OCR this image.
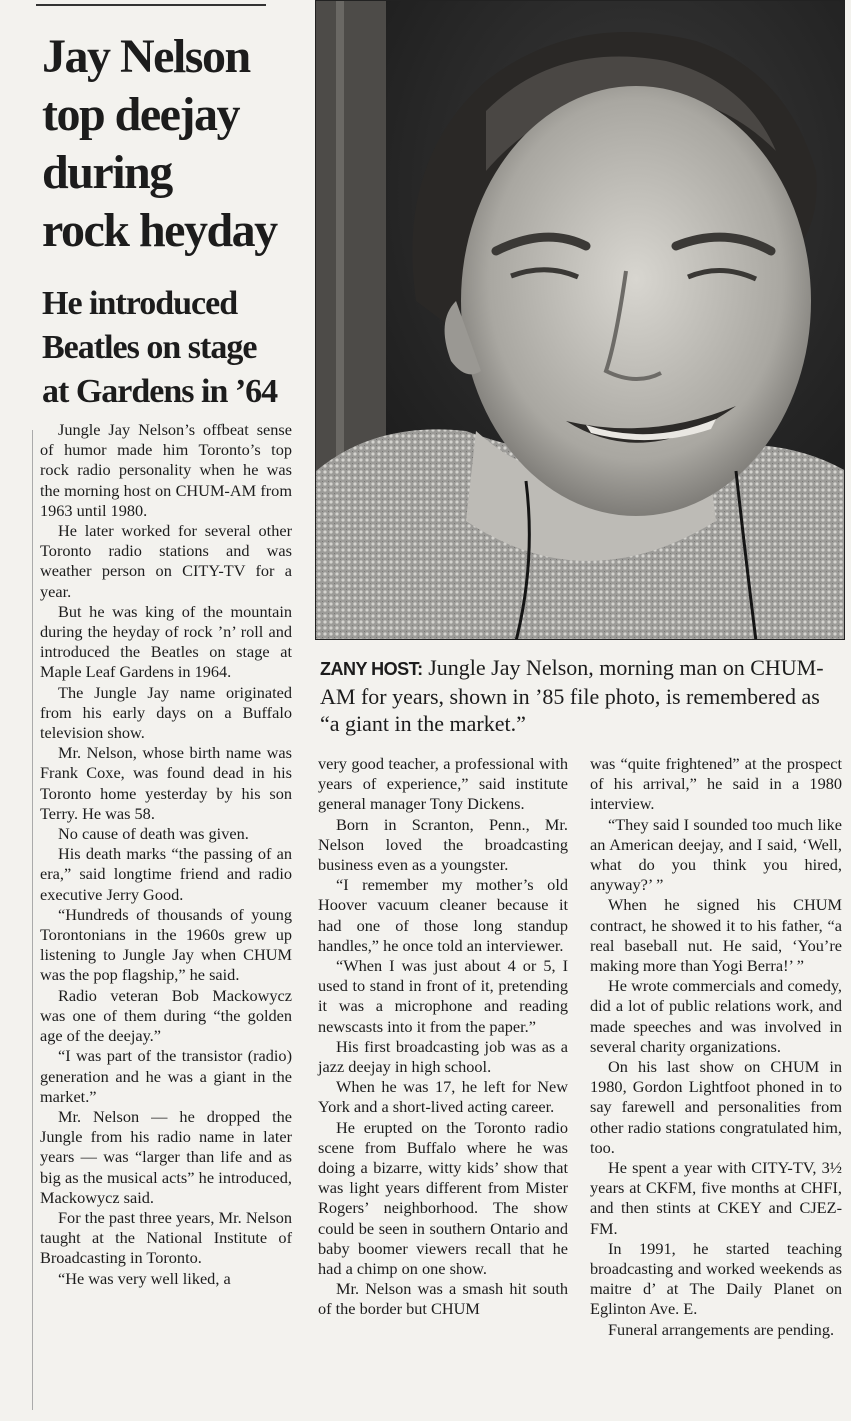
Jay Nelson
top deejay
during
rock heyday
He introduced
Beatles on stage
at Gardens in ’64

ZANY HOST: Jungle Jay Nelson, morning man on CHUM-AM for years, shown in ’85 file photo, is remembered as “a giant in the market.”

Jungle Jay Nelson’s offbeat sense of humor made him Toronto’s top rock radio personality when he was the morning host on CHUM-AM from 1963 until 1980.

He later worked for several other Toronto radio stations and was weather person on CITY-TV for a year.

But he was king of the mountain during the heyday of rock ’n’ roll and introduced the Beatles on stage at Maple Leaf Gardens in 1964.

The Jungle Jay name originated from his early days on a Buffalo television show.

Mr. Nelson, whose birth name was Frank Coxe, was found dead in his Toronto home yesterday by his son Terry. He was 58.

No cause of death was given.

His death marks “the passing of an era,” said longtime friend and radio executive Jerry Good.

“Hundreds of thousands of young Torontonians in the 1960s grew up listening to Jungle Jay when CHUM was the pop flagship,” he said.

Radio veteran Bob Mackowycz was one of them during “the golden age of the deejay.”

“I was part of the transistor (radio) generation and he was a giant in the market.”

Mr. Nelson — he dropped the Jungle from his radio name in later years — was “larger than life and as big as the musical acts” he introduced, Mackowycz said.

For the past three years, Mr. Nelson taught at the National Institute of Broadcasting in Toronto.

“He was very well liked, a

very good teacher, a professional with years of experience,” said institute general manager Tony Dickens.

Born in Scranton, Penn., Mr. Nelson loved the broadcasting business even as a youngster.

“I remember my mother’s old Hoover vacuum cleaner because it had one of those long standup handles,” he once told an interviewer.

“When I was just about 4 or 5, I used to stand in front of it, pretending it was a microphone and reading newscasts into it from the paper.”

His first broadcasting job was as a jazz deejay in high school.

When he was 17, he left for New York and a short-lived acting career.

He erupted on the Toronto radio scene from Buffalo where he was doing a bizarre, witty kids’ show that was light years different from Mister Rogers’ neighborhood. The show could be seen in southern Ontario and baby boomer viewers recall that he had a chimp on one show.

Mr. Nelson was a smash hit south of the border but CHUM

was “quite frightened” at the prospect of his arrival,” he said in a 1980 interview.

“They said I sounded too much like an American deejay, and I said, ‘Well, what do you think you hired, anyway?’ ”

When he signed his CHUM contract, he showed it to his father, “a real baseball nut. He said, ‘You’re making more than Yogi Berra!’ ”

He wrote commercials and comedy, did a lot of public relations work, and made speeches and was involved in several charity organizations.

On his last show on CHUM in 1980, Gordon Lightfoot phoned in to say farewell and personalities from other radio stations congratulated him, too.

He spent a year with CITY-TV, 3½ years at CKFM, five months at CHFI, and then stints at CKEY and CJEZ-FM.

In 1991, he started teaching broadcasting and worked weekends as maitre d’ at The Daily Planet on Eglinton Ave. E.

Funeral arrangements are pending.
